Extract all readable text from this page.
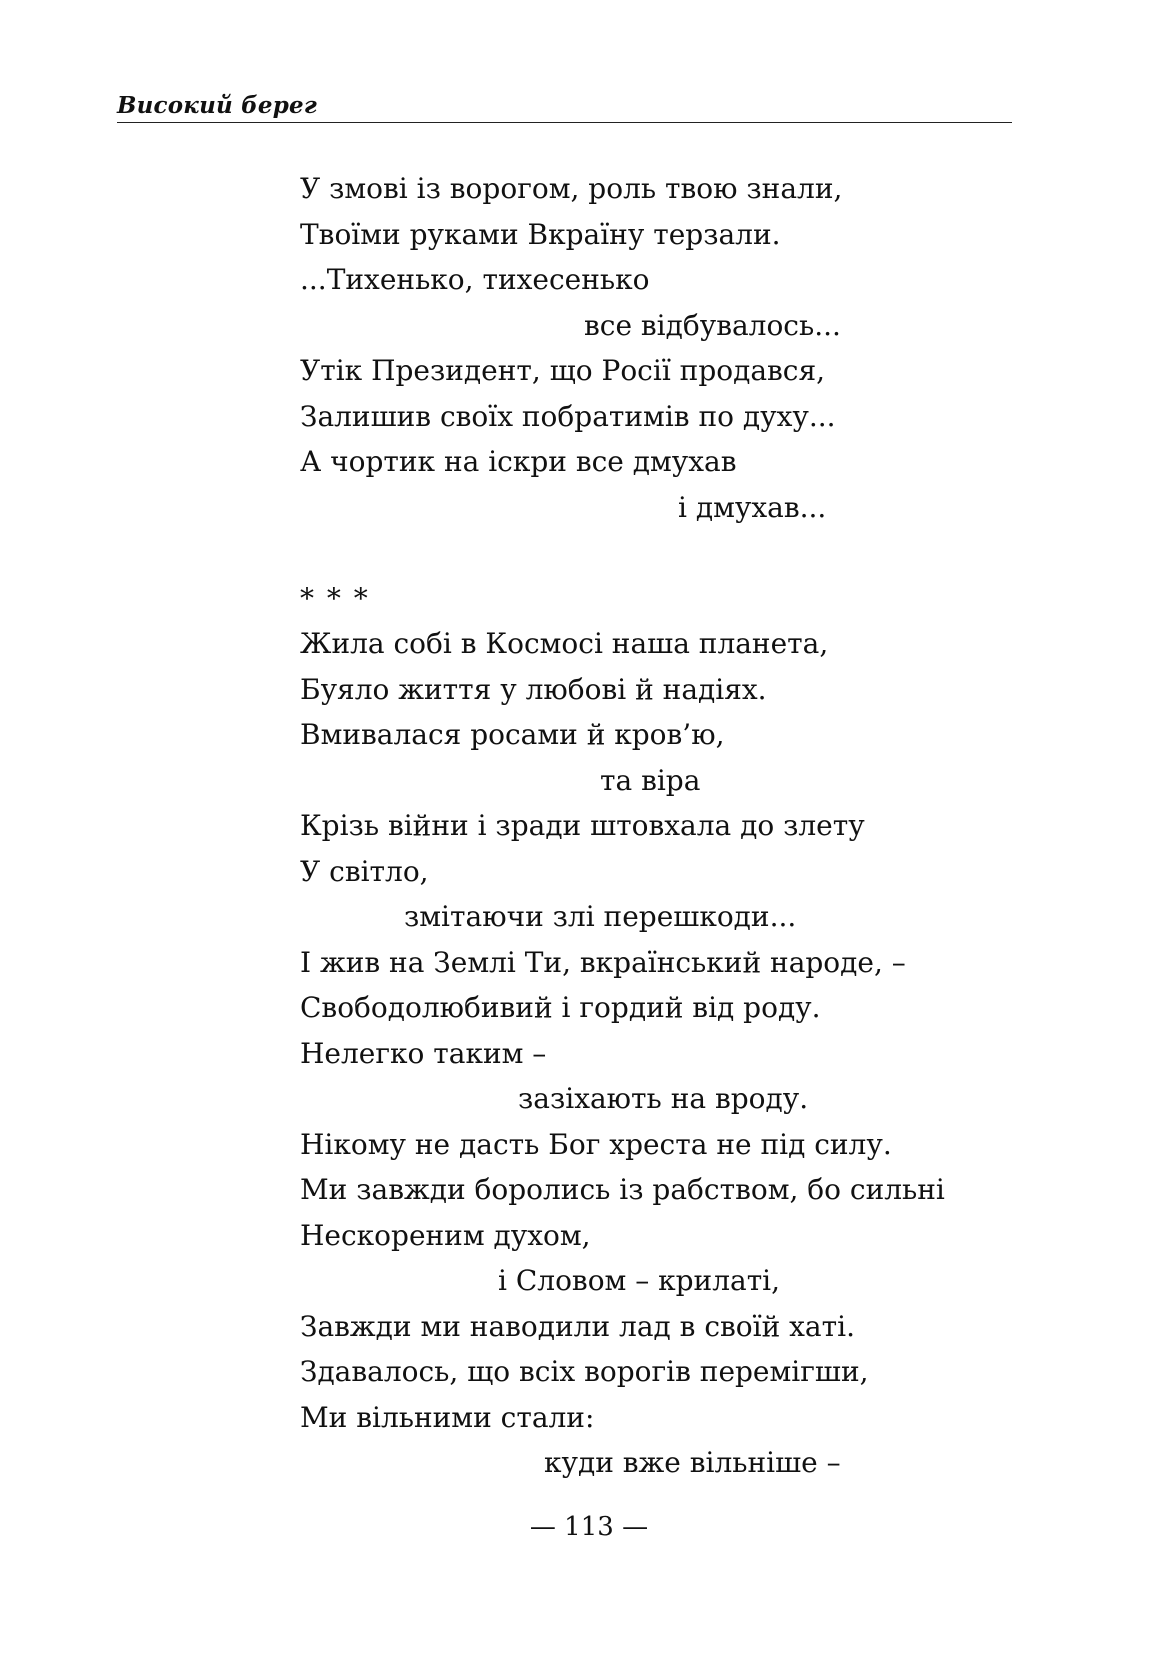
Високий берег
У змові із ворогом, роль твою знали,
Твоїми руками Вкраїну терзали.
...Тихенько, тихесенько
все відбувалось...
Утік Президент, що Росії продався,
Залишив своїх побратимів по духу...
А чортик на іскри все дмухав
і дмухав...
* * *
Жила собі в Космосі наша планета,
Буяло життя у любові й надіях.
Вмивалася росами й кров’ю,
та віра
Крізь війни і зради штовхала до злету
У світло,
змітаючи злі перешкоди...
І жив на Землі Ти, вкраїнський народе, –
Свободолюбивий і гордий від роду.
Нелегко таким –
зазіхають на вроду.
Нікому не дасть Бог хреста не під силу.
Ми завжди боролись із рабством, бо сильні
Нескореним духом,
і Словом – крилаті,
Завжди ми наводили лад в своїй хаті.
Здавалось, що всіх ворогів перемігши,
Ми вільними стали:
куди вже вільніше –
— 113 —
